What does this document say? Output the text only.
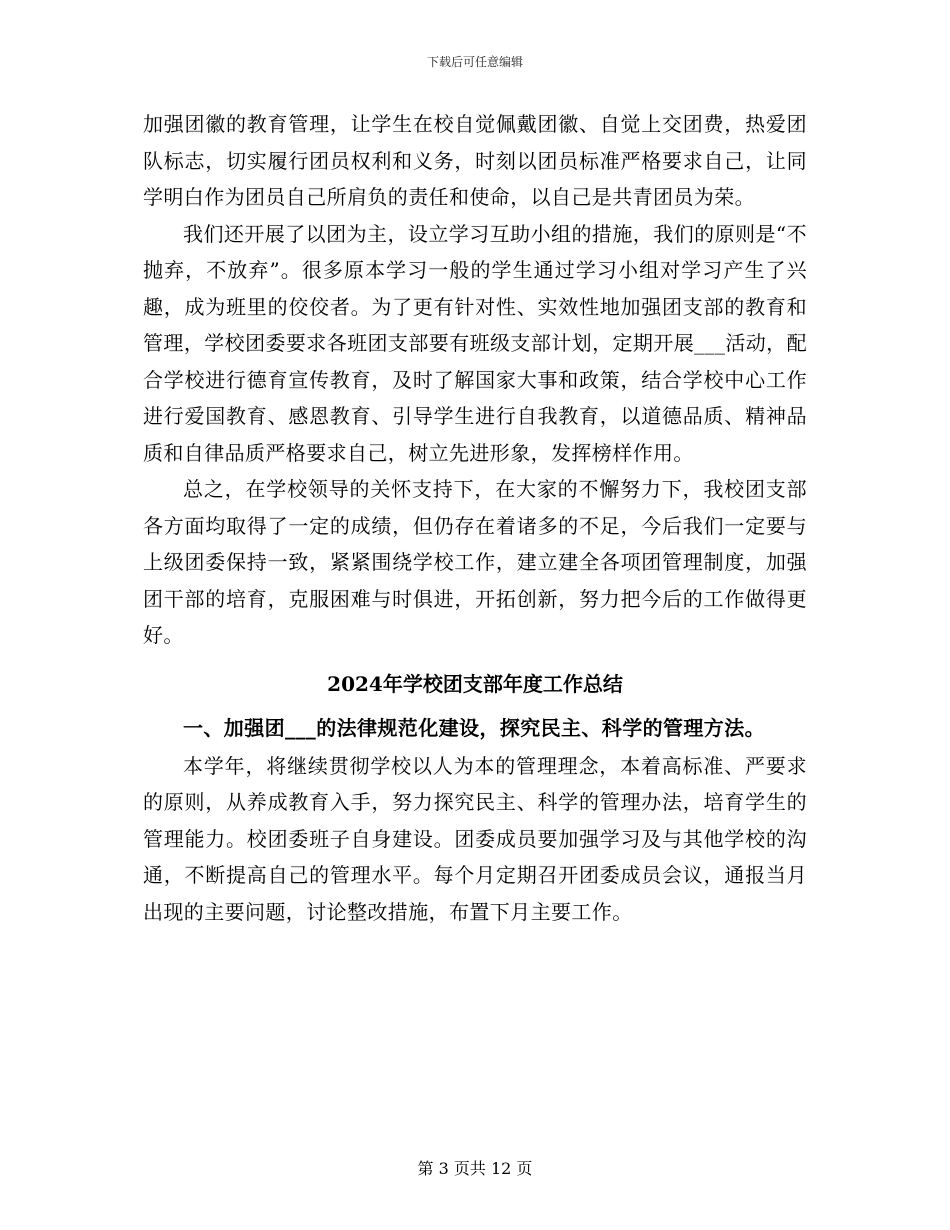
下载后可任意编辑

加强团徽的教育管理，让学生在校自觉佩戴团徽、自觉上交团费，热爱团队标志，切实履行团员权利和义务，时刻以团员标准严格要求自己，让同学明白作为团员自己所肩负的责任和使命，以自己是共青团员为荣。

我们还开展了以团为主，设立学习互助小组的措施，我们的原则是“不抛弃，不放弃”。很多原本学习一般的学生通过学习小组对学习产生了兴趣，成为班里的佼佼者。为了更有针对性、实效性地加强团支部的教育和管理，学校团委要求各班团支部要有班级支部计划，定期开展___活动，配合学校进行德育宣传教育，及时了解国家大事和政策，结合学校中心工作进行爱国教育、感恩教育、引导学生进行自我教育，以道德品质、精神品质和自律品质严格要求自己，树立先进形象，发挥榜样作用。

总之，在学校领导的关怀支持下，在大家的不懈努力下，我校团支部各方面均取得了一定的成绩，但仍存在着诸多的不足，今后我们一定要与上级团委保持一致，紧紧围绕学校工作，建立建全各项团管理制度，加强团干部的培育，克服困难与时俱进，开拓创新，努力把今后的工作做得更好。

2024年学校团支部年度工作总结
一、加强团___的法律规范化建设，探究民主、科学的管理方法。

本学年，将继续贯彻学校以人为本的管理理念，本着高标准、严要求的原则，从养成教育入手，努力探究民主、科学的管理办法，培育学生的管理能力。校团委班子自身建设。团委成员要加强学习及与其他学校的沟通，不断提高自己的管理水平。每个月定期召开团委成员会议，通报当月出现的主要问题，讨论整改措施，布置下月主要工作。

第 3 页共 12 页
